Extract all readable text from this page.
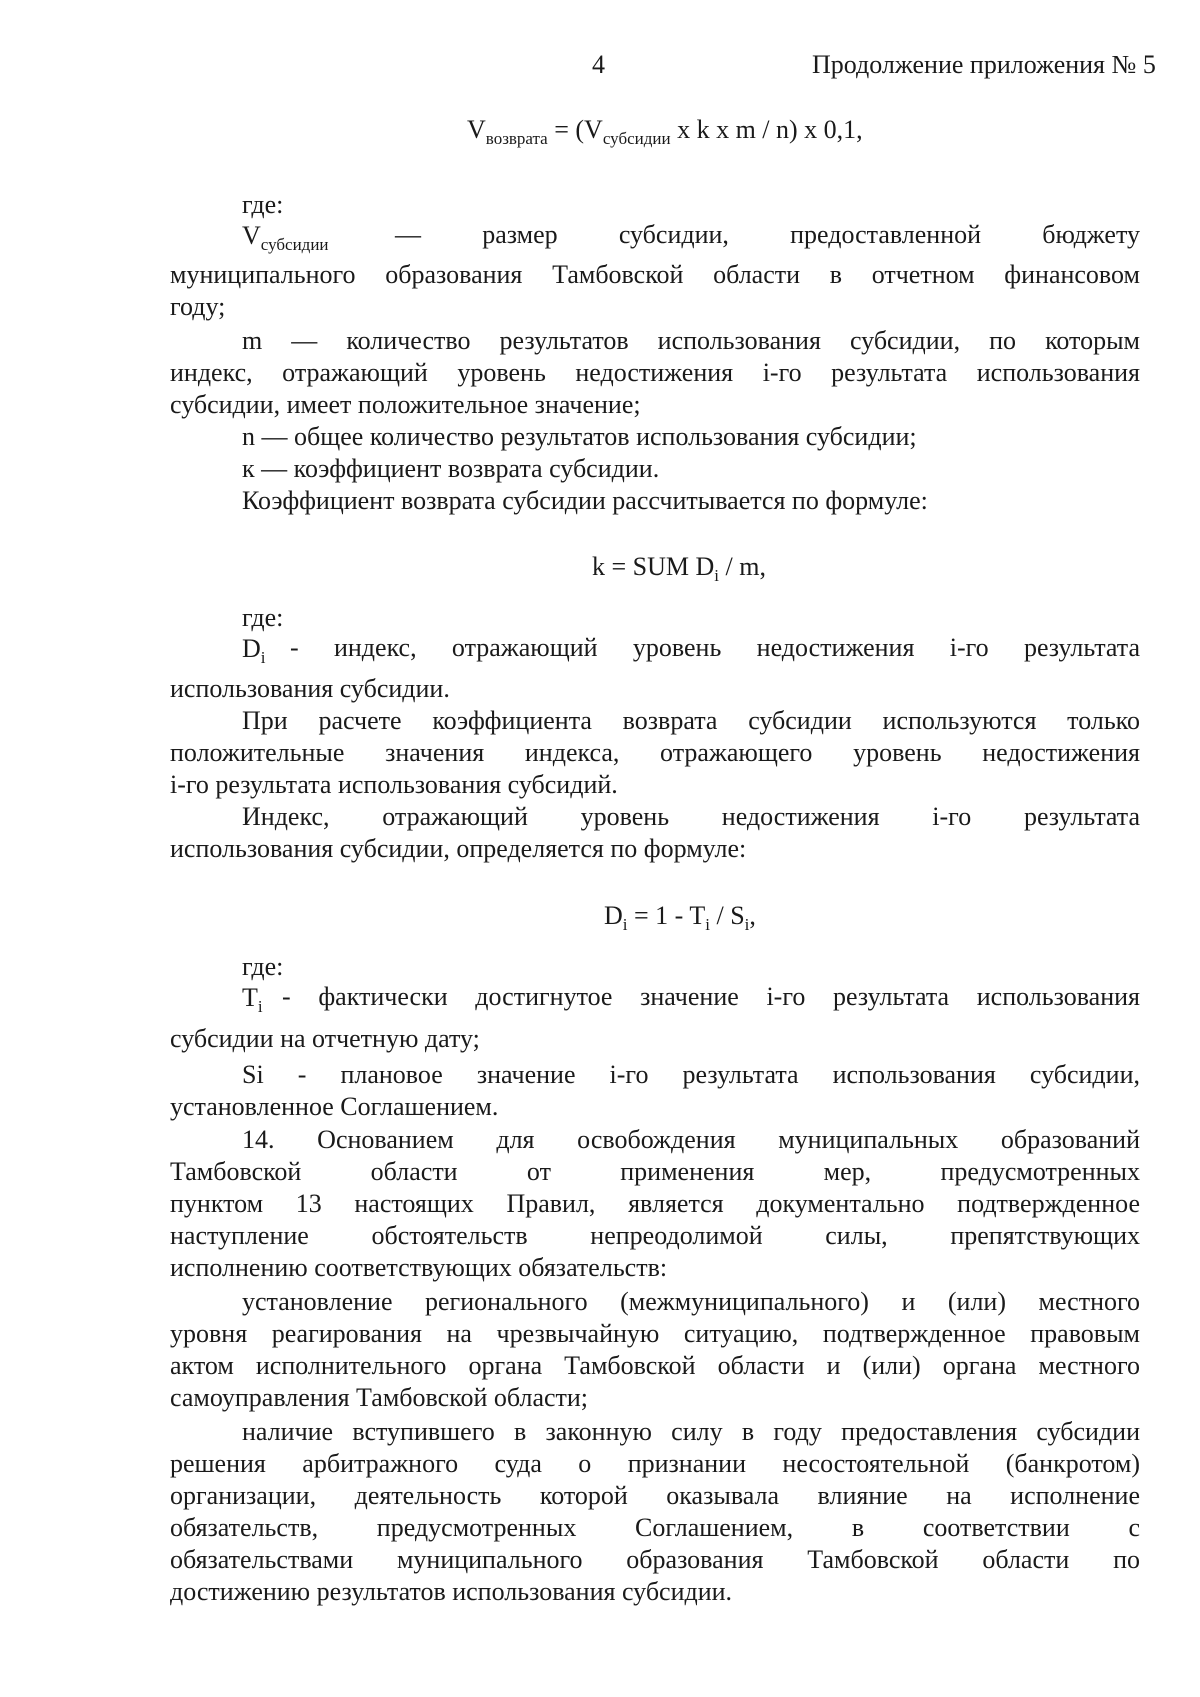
4	Продолжение приложения № 5
$V_{возврата} = (V_{субсидии}$ х k х m / n) х 0,1,
где:
$V_{субсидии}$	— размер субсидии, предоставленной бюджету
муниципального образования Тамбовской области в отчетном финансовом
году;
m — количество результатов использования субсидии, по которым
индекс, отражающий уровень недостижения i-го результата использования
субсидии, имеет положительное значение;
n — общее количество результатов использования субсидии;
к — коэффициент возврата субсидии.
Коэффициент возврата субсидии рассчитывается по формуле:
k = SUM $D_i$ / m,
где:
$D_i$ - индекс, отражающий уровень недостижения i-го результата
использования субсидии.
При расчете коэффициента возврата субсидии используются только
положительные значения индекса, отражающего уровень недостижения
i-го результата использования субсидий.
Индекс, отражающий уровень недостижения i-го результата
использования субсидии, определяется по формуле:
$D_i = 1 - T_i / S_i$,
где:
$T_i$ - фактически достигнутое значение i-го результата использования
субсидии на отчетную дату;
Si - плановое значение i-го результата использования субсидии,
установленное Соглашением.
14. Основанием для освобождения муниципальных образований
Тамбовской области от применения мер, предусмотренных
пунктом 13 настоящих Правил, является документально подтвержденное
наступление обстоятельств непреодолимой силы, препятствующих
исполнению соответствующих обязательств:
установление регионального (межмуниципального) и (или) местного
уровня реагирования на чрезвычайную ситуацию, подтвержденное правовым
актом исполнительного органа Тамбовской области и (или) органа местного
самоуправления Тамбовской области;
наличие вступившего в законную силу в году предоставления субсидии
решения арбитражного суда о признании несостоятельной (банкротом)
организации, деятельность которой оказывала влияние на исполнение
обязательств, предусмотренных Соглашением, в соответствии с
обязательствами муниципального образования Тамбовской области по
достижению результатов использования субсидии.
